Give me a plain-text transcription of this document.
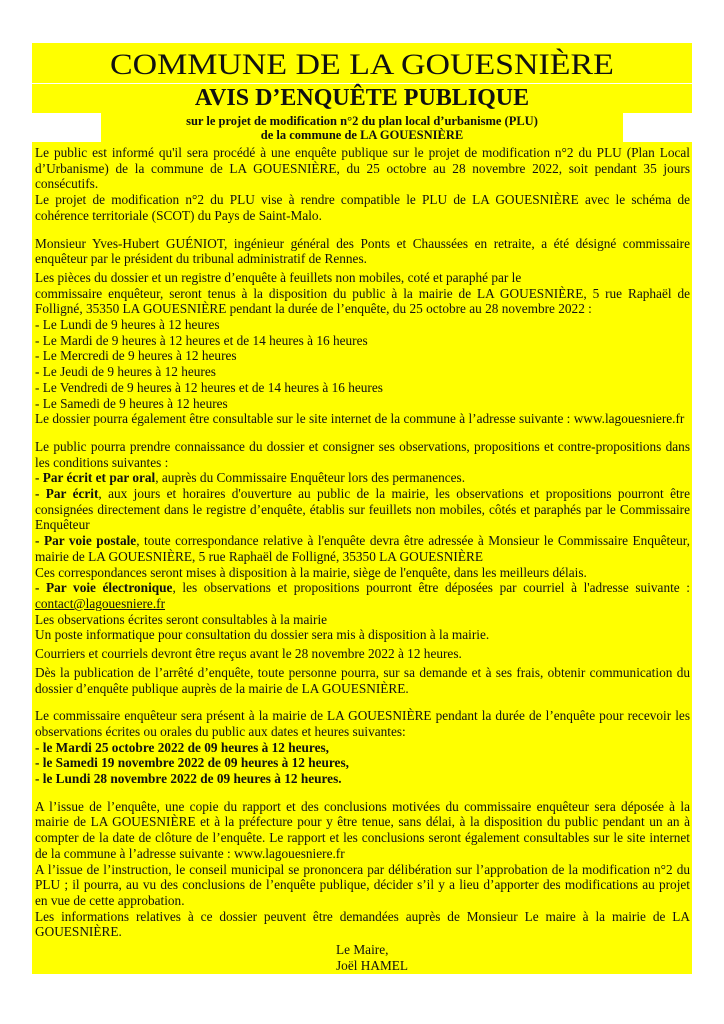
COMMUNE DE LA GOUESNIÈRE
AVIS D’ENQUÊTE PUBLIQUE
sur le projet de modification n°2 du plan local d’urbanisme (PLU)
de la commune de LA GOUESNIÈRE
Le public est informé qu'il sera procédé à une enquête publique sur le projet de modification n°2 du PLU (Plan Local
d’Urbanisme) de la commune de LA GOUESNIÈRE, du 25 octobre au 28 novembre 2022, soit pendant 35 jours
consécutifs.
Le projet de modification n°2 du PLU vise à rendre compatible le PLU de LA GOUESNIÈRE avec le schéma de
cohérence territoriale (SCOT) du Pays de Saint-Malo.
Monsieur Yves-Hubert GUÉNIOT, ingénieur général des Ponts et Chaussées en retraite, a été désigné commissaire
enquêteur par le président du tribunal administratif de Rennes.
Les pièces du dossier et un registre d’enquête à feuillets non mobiles, coté et paraphé par le
commissaire enquêteur, seront tenus à la disposition du public à la mairie de LA GOUESNIÈRE, 5 rue Raphaël de
Folligné, 35350 LA GOUESNIÈRE pendant la durée de l’enquête, du 25 octobre au 28 novembre 2022 :
- Le Lundi de 9 heures à 12 heures
- Le Mardi de 9 heures à 12 heures et de 14 heures à 16 heures
- Le Mercredi de 9 heures à 12 heures
- Le Jeudi de 9 heures à 12 heures
- Le Vendredi de 9 heures à 12 heures et de 14 heures à 16 heures
- Le Samedi de 9 heures à 12 heures
Le dossier pourra également être consultable sur le site internet de la commune à l’adresse suivante : www.lagouesniere.fr
Le public pourra prendre connaissance du dossier et consigner ses observations, propositions et contre-propositions dans
les conditions suivantes :
- Par écrit et par oral, auprès du Commissaire Enquêteur lors des permanences.
- Par écrit, aux jours et horaires d'ouverture au public de la mairie, les observations et propositions pourront être
consignées directement dans le registre d’enquête, établis sur feuillets non mobiles, côtés et paraphés par le Commissaire
Enquêteur
- Par voie postale, toute correspondance relative à l'enquête devra être adressée à Monsieur le Commissaire Enquêteur,
mairie de LA GOUESNIÈRE, 5 rue Raphaël de Folligné, 35350 LA GOUESNIÈRE
Ces correspondances seront mises à disposition à la mairie, siège de l'enquête, dans les meilleurs délais.
- Par voie électronique, les observations et propositions pourront être déposées par courriel à l'adresse suivante :
contact@lagouesniere.fr
Les observations écrites seront consultables à la mairie
Un poste informatique pour consultation du dossier sera mis à disposition à la mairie.
Courriers et courriels devront être reçus avant le 28 novembre 2022 à 12 heures.
Dès la publication de l’arrêté d’enquête, toute personne pourra, sur sa demande et à ses frais, obtenir communication du
dossier d’enquête publique auprès de la mairie de LA GOUESNIÈRE.
Le commissaire enquêteur sera présent à la mairie de LA GOUESNIÈRE pendant la durée de l’enquête pour recevoir les
observations écrites ou orales du public aux dates et heures suivantes:
- le Mardi 25 octobre 2022 de 09 heures à 12 heures,
- le Samedi 19 novembre 2022 de 09 heures à 12 heures,
- le Lundi 28 novembre 2022 de 09 heures à 12 heures.
A l’issue de l’enquête, une copie du rapport et des conclusions motivées du commissaire enquêteur sera déposée à la
mairie de LA GOUESNIÈRE et à la préfecture pour y être tenue, sans délai, à la disposition du public pendant un an à
compter de la date de clôture de l’enquête. Le rapport et les conclusions seront également consultables sur le site internet
de la commune à l’adresse suivante : www.lagouesniere.fr
A l’issue de l’instruction, le conseil municipal se prononcera par délibération sur l’approbation de la modification n°2 du
PLU ; il pourra, au vu des conclusions de l’enquête publique, décider s’il y a lieu d’apporter des modifications au projet
en vue de cette approbation.
Les informations relatives à ce dossier peuvent être demandées auprès de Monsieur Le maire à la mairie de LA
GOUESNIÈRE.
Le Maire,
Joël HAMEL
